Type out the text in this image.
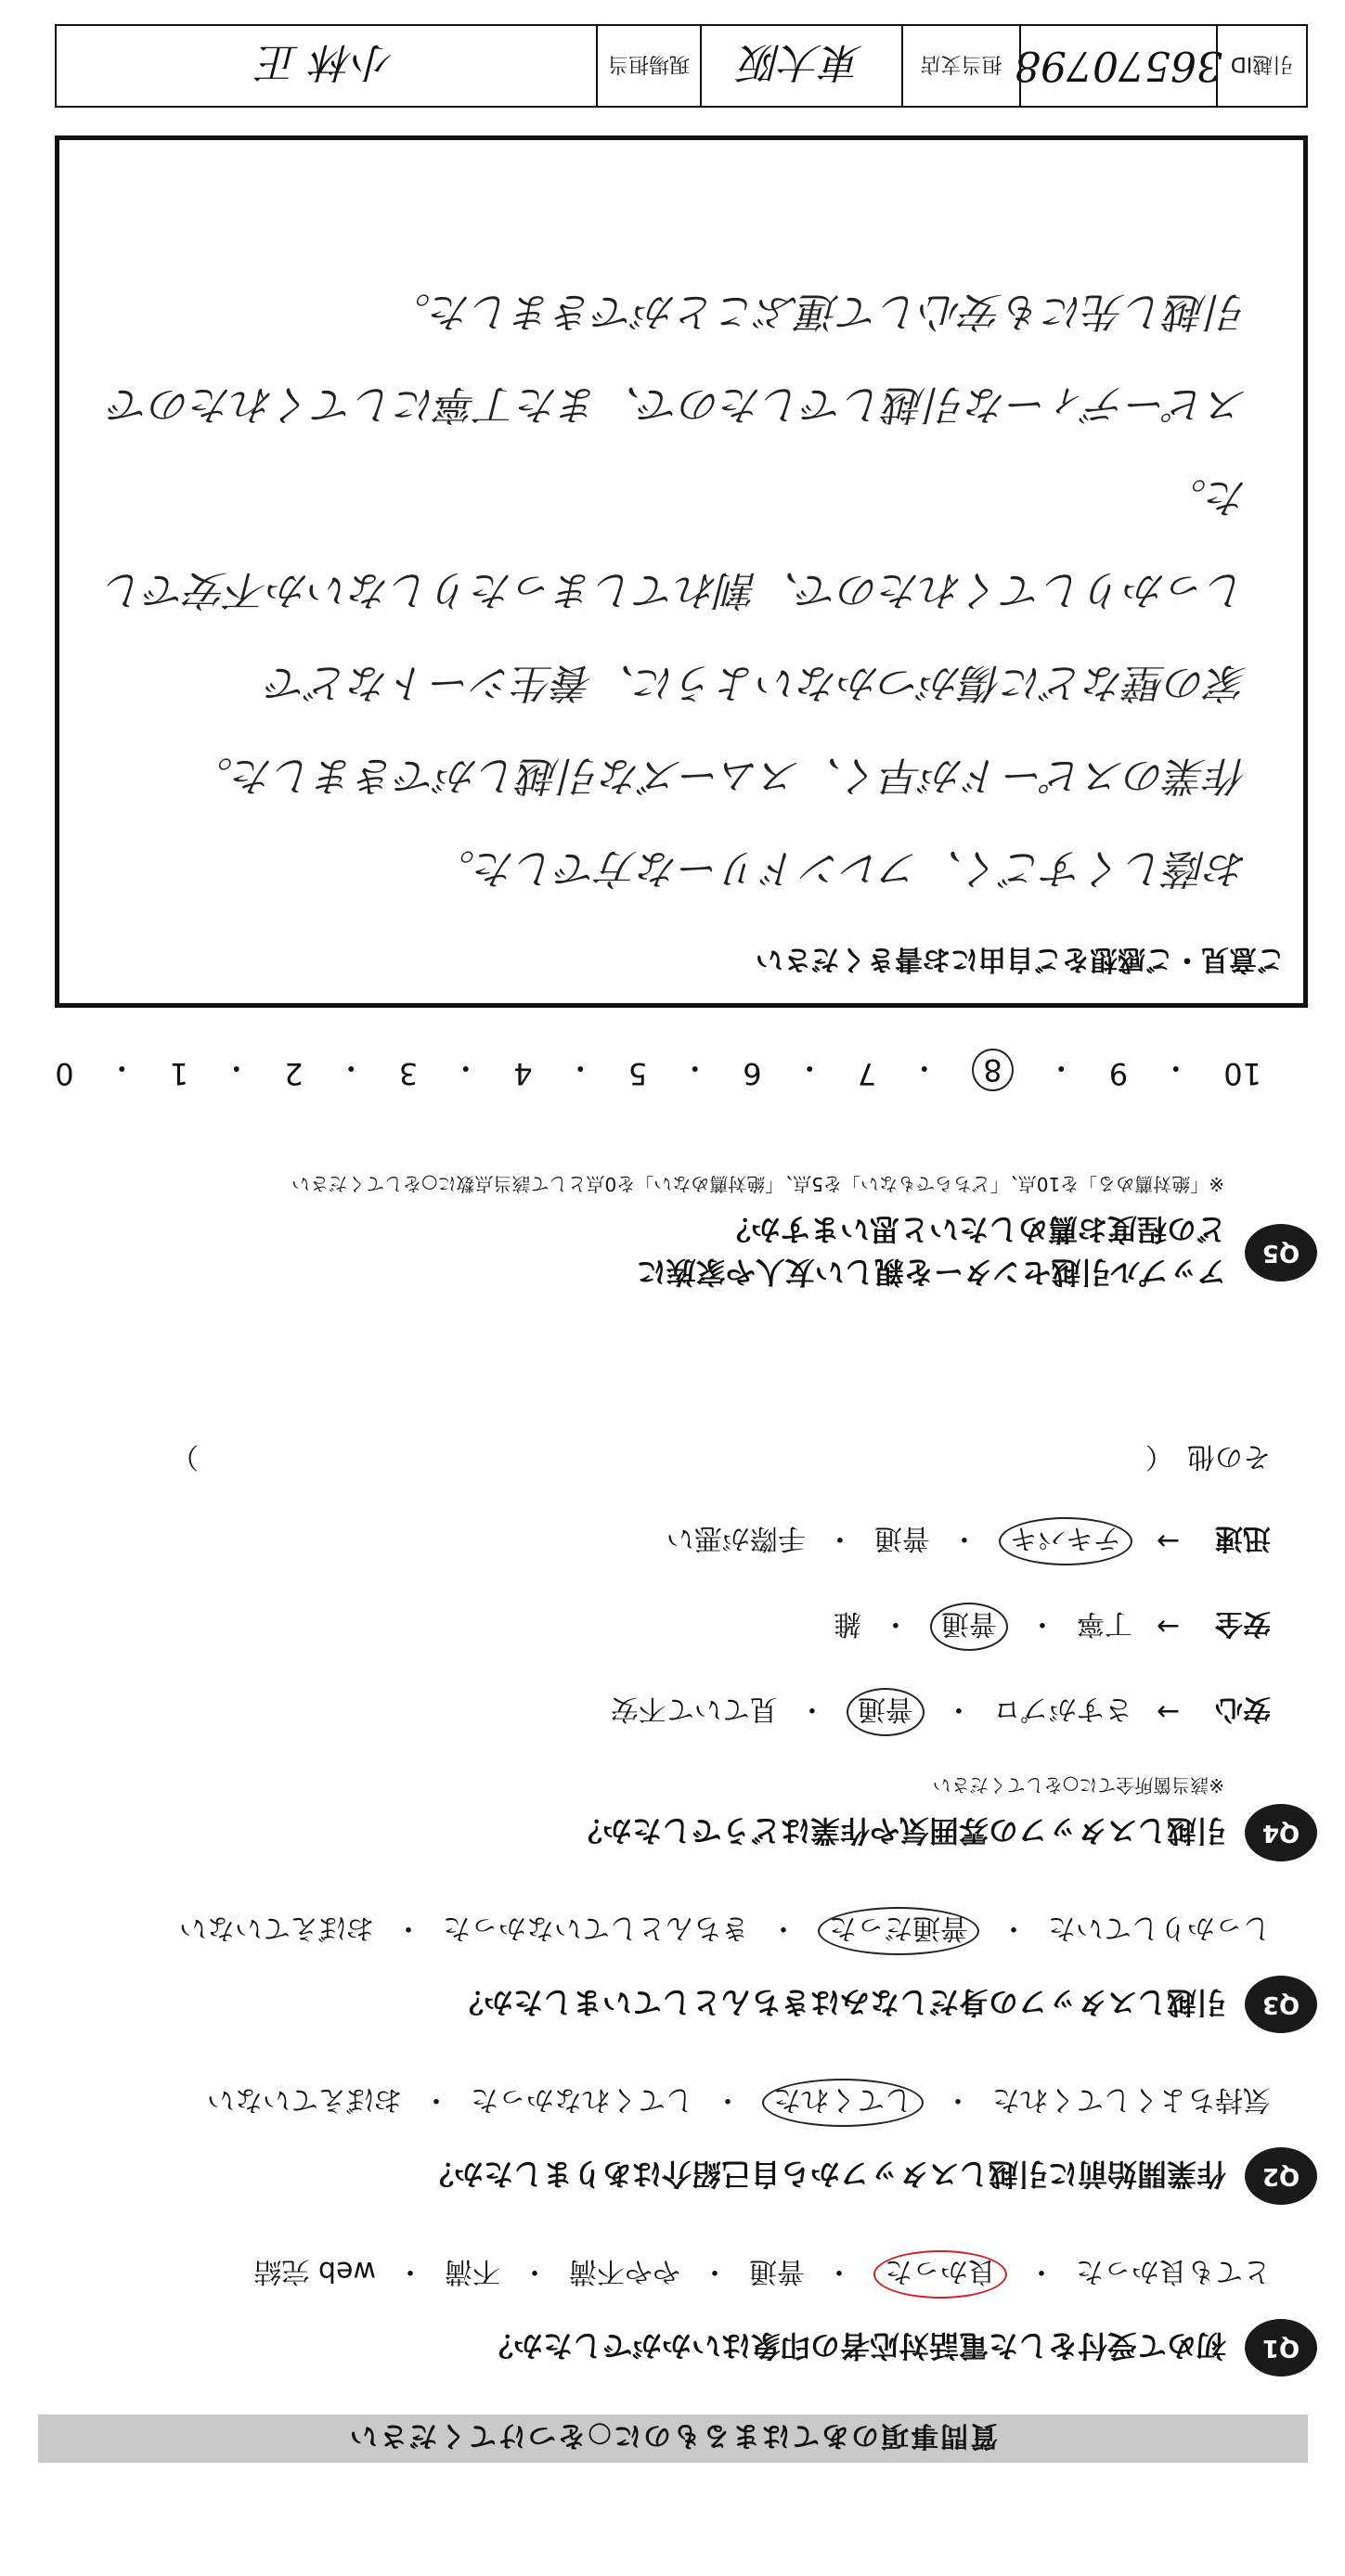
質問事項のあてはまるものに○をつけてください
Q1
初めて受付をした電話対応者の印象はいかがでしたか？
とても良かった
・
良かった
・
普通
・
やや不満
・
不満
・
web 完結
Q2
作業開始前に引越しスタッフから自己紹介はありましたか？
気持ちよくしてくれた
・
してくれた
・
してくれなかった
・
おぼえていない
Q3
引越しスタッフの身だしなみはきちんとしていましたか？
しっかりしていた
・
普通だった
・
きちんとしていなかった
・
おぼえていない
Q4
引越しスタッフの雰囲気や作業はどうでしたか？
※該当箇所全てに○をしてください
安心
→
さすがプロ
・
普通
・
見ていて不安
安全
→
丁寧
・
普通
・
雑
迅速
→
テキパキ
・
普通
・
手際が悪い
その他　（　　　　　　　　　　　　　　　　　　　　　　　　　　　　　　　　　　）
Q5
アップル引越センターを親しい友人や家族に
どの程度お薦めしたいと思いますか？
※「絶対薦める」を10点、「どちらでもない」を5点、「絶対薦めない」を0点として該当点数に○をしてください
10
・
9
・
8
・
7
・
6
・
5
・
4
・
3
・
2
・
1
・
0
ご意見・ご感想をご自由にお書きください
お蔭しくすごく、フレンドリーな方でした。
作業のスピードが早く、スムーズな引越しができました。
家の壁などに傷がつかないように、養生シートなどで
しっかりしてくれたので、割れてしまったりしないか不安でした。
スピーディーな引越しでしたので、また丁寧にしてくれたので
引越し先にも安心して運ぶことができました。
引越ID
36570798
担当支店
東大阪
現場担当
小林 正
